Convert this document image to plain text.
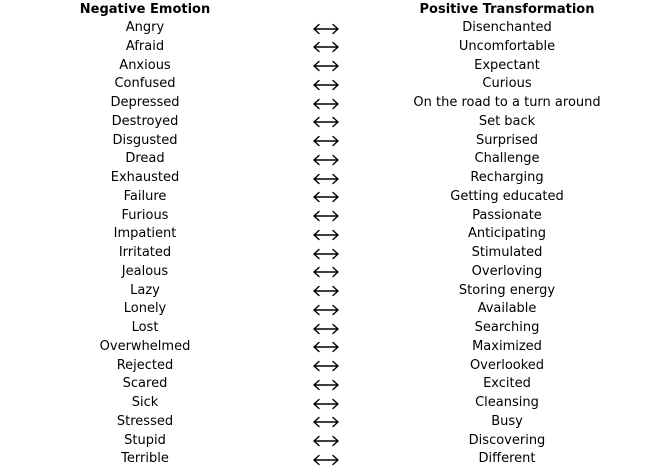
Negative Emotion	Positive Transformation
Angry	Disenchanted
Afraid	Uncomfortable
Anxious	Expectant
Confused	Curious
Depressed	On the road to a turn around
Destroyed	Set back
Disgusted	Surprised
Dread	Challenge
Exhausted	Recharging
Failure	Getting educated
Furious	Passionate
Impatient	Anticipating
Irritated	Stimulated
Jealous	Overloving
Lazy	Storing energy
Lonely	Available
Lost	Searching
Overwhelmed	Maximized
Rejected	Overlooked
Scared	Excited
Sick	Cleansing
Stressed	Busy
Stupid	Discovering
Terrible	Different
